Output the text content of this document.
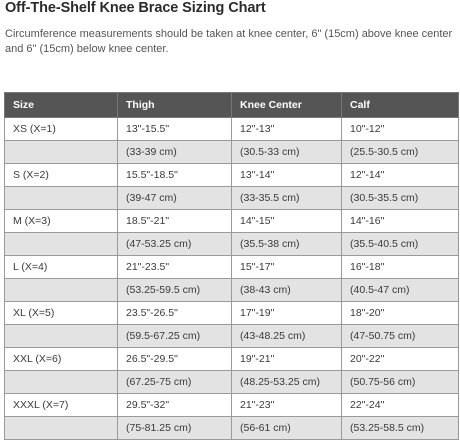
Off-The-Shelf Knee Brace Sizing Chart
Circumference measurements should be taken at knee center, 6" (15cm) above knee center and 6" (15cm) below knee center.
Size	Thigh	Knee Center	Calf
XS (X=1)	13"-15.5"	12"-13"	10"-12"
	(33-39 cm)	(30.5-33 cm)	(25.5-30.5 cm)
S (X=2)	15.5"-18.5"	13"-14"	12"-14"
	(39-47 cm)	(33-35.5 cm)	(30.5-35.5 cm)
M (X=3)	18.5"-21"	14"-15"	14"-16"
	(47-53.25 cm)	(35.5-38 cm)	(35.5-40.5 cm)
L (X=4)	21"-23.5"	15"-17"	16"-18"
	(53.25-59.5 cm)	(38-43 cm)	(40.5-47 cm)
XL (X=5)	23.5"-26.5"	17"-19"	18"-20"
	(59.5-67.25 cm)	(43-48.25 cm)	(47-50.75 cm)
XXL (X=6)	26.5"-29.5"	19"-21"	20"-22"
	(67.25-75 cm)	(48.25-53.25 cm)	(50.75-56 cm)
XXXL (X=7)	29.5"-32"	21"-23"	22"-24"
	(75-81.25 cm)	(56-61 cm)	(53.25-58.5 cm)
